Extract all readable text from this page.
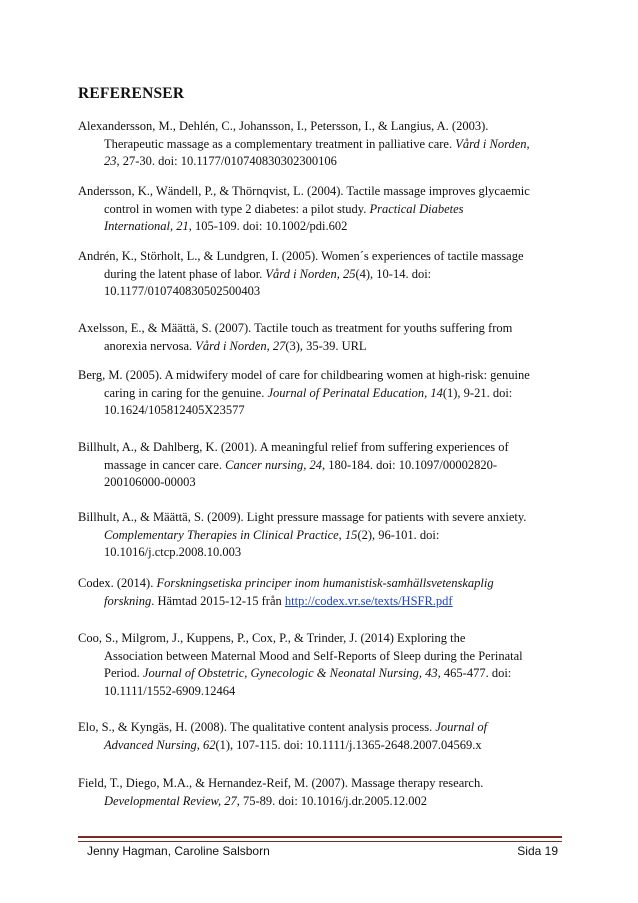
REFERENSER
Alexandersson, M., Dehlén, C., Johansson, I., Petersson, I., & Langius, A. (2003).
Therapeutic massage as a complementary treatment in palliative care. Vård i Norden,
23, 27-30. doi: 10.1177/010740830302300106
Andersson, K., Wändell, P., & Thörnqvist, L. (2004). Tactile massage improves glycaemic
control in women with type 2 diabetes: a pilot study. Practical Diabetes
International, 21, 105-109. doi: 10.1002/pdi.602
Andrén, K., Störholt, L., & Lundgren, I. (2005). Women´s experiences of tactile massage
during the latent phase of labor. Vård i Norden, 25(4), 10-14. doi:
10.1177/010740830502500403
Axelsson, E., & Määttä, S. (2007). Tactile touch as treatment for youths suffering from
anorexia nervosa. Vård i Norden, 27(3), 35-39. URL
Berg, M. (2005). A midwifery model of care for childbearing women at high-risk: genuine
caring in caring for the genuine. Journal of Perinatal Education, 14(1), 9-21. doi:
10.1624/105812405X23577
Billhult, A., & Dahlberg, K. (2001). A meaningful relief from suffering experiences of
massage in cancer care. Cancer nursing, 24, 180-184. doi: 10.1097/00002820-
200106000-00003
Billhult, A., & Määttä, S. (2009). Light pressure massage for patients with severe anxiety.
Complementary Therapies in Clinical Practice, 15(2), 96-101. doi:
10.1016/j.ctcp.2008.10.003
Codex. (2014). Forskningsetiska principer inom humanistisk-samhällsvetenskaplig
forskning. Hämtad 2015-12-15 från http://codex.vr.se/texts/HSFR.pdf
Coo, S., Milgrom, J., Kuppens, P., Cox, P., & Trinder, J. (2014) Exploring the
Association between Maternal Mood and Self-Reports of Sleep during the Perinatal
Period. Journal of Obstetric, Gynecologic & Neonatal Nursing, 43, 465-477. doi:
10.1111/1552-6909.12464
Elo, S., & Kyngäs, H. (2008). The qualitative content analysis process. Journal of
Advanced Nursing, 62(1), 107-115. doi: 10.1111/j.1365-2648.2007.04569.x
Field, T., Diego, M.A., & Hernandez-Reif, M. (2007). Massage therapy research.
Developmental Review, 27, 75-89. doi: 10.1016/j.dr.2005.12.002
Jenny Hagman, Caroline Salsborn	Sida 19
